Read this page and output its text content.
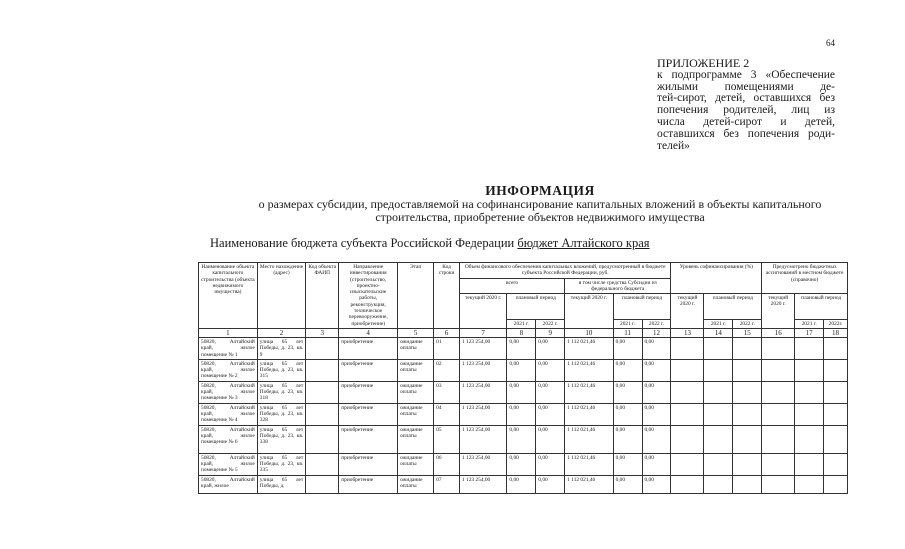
64
ПРИЛОЖЕНИЕ 2
к подпрограмме 3 «Обеспечение
жилыми помещениями де-
тей-сирот, детей, оставшихся без
попечения родителей, лиц из
числа детей-сирот и детей,
оставшихся без попечения роди-
телей»
ИНФОРМАЦИЯ
о размерах субсидии, предоставляемой на софинансирование капитальных вложений в объекты капитального
строительства, приобретение объектов недвижимого имущества
Наименование бюджета субъекта Российской Федерации бюджет Алтайского края
Наименование объекта капитального строительства (объекта недвижимого имущества)	Место нахождение (адрес)	Код объекта ФАИП	Направление инвестирования (строительство, проектно-изыскательские работы, реконструкция, техническое перевооружение, приобретение)	Этап	Код строки	Объем финансового обеспечения капитальных вложений, предусмотренный в бюджете субъекта Российской Федерации, руб.						Уровень софинансирования (%)			Предусмотрено бюджетных ассигнований в местном бюджете (справочно)		
						всего			в том числе средства Субсидии из федерального бюджета								
						текущий 2020 г.	плановый период		текущий 2020 г.	плановый период		текущий 2020 г.	плановый период		текущий 2020 г.	плановый период	
							2021 г.	2022 г.		2021 г.	2022 г.		2021 г.	2022 г.		2021 г.	2022г.
1	2	3	4	5	6	7	8	9	10	11	12	13	14	15	16	17	18
50820, Алтайский край, жилое помещение № 1	улица 65 лет Победы, д. 23, кв. 9		приобретение	ожидание оплаты	01	1 123 254,00	0,00	0,00	1 112 021,46	0,00	0,00						
50820, Алтайский край, жилое помещение № 2	улица 65 лет Победы, д. 23, кв. 315		приобретение	ожидание оплаты	02	1 123 254,00	0,00	0,00	1 112 021,46	0,00	0,00						
50820, Алтайский край, жилое помещение № 3	улица 65 лет Победы, д. 23, кв. 318		приобретение	ожидание оплаты	03	1 123 254,00	0,00	0,00	1 112 021,46	0,00	0,00						
50820, Алтайский край, жилое помещение № 4	улица 65 лет Победы, д. 23, кв. 328		приобретение	ожидание оплаты	04	1 123 254,00	0,00	0,00	1 112 021,46	0,00	0,00						
50820, Алтайский край, жилое помещение № 6	улица 65 лет Победы, д. 23, кв. 338		приобретение	ожидание оплаты	05	1 123 254,00	0,00	0,00	1 112 021,46	0,00	0,00						
50820, Алтайский край, жилое помещение № 5	улица 65 лет Победы, д. 23, кв. 335		приобретение	ожидание оплаты	06	1 123 254,00	0,00	0,00	1 112 021,46	0,00	0,00						
50820, Алтайский край, жилое	улица 65 лет Победы, д.		приобретение	ожидание оплаты	07	1 123 254,00	0,00	0,00	1 112 021,46	0,00	0,00						
